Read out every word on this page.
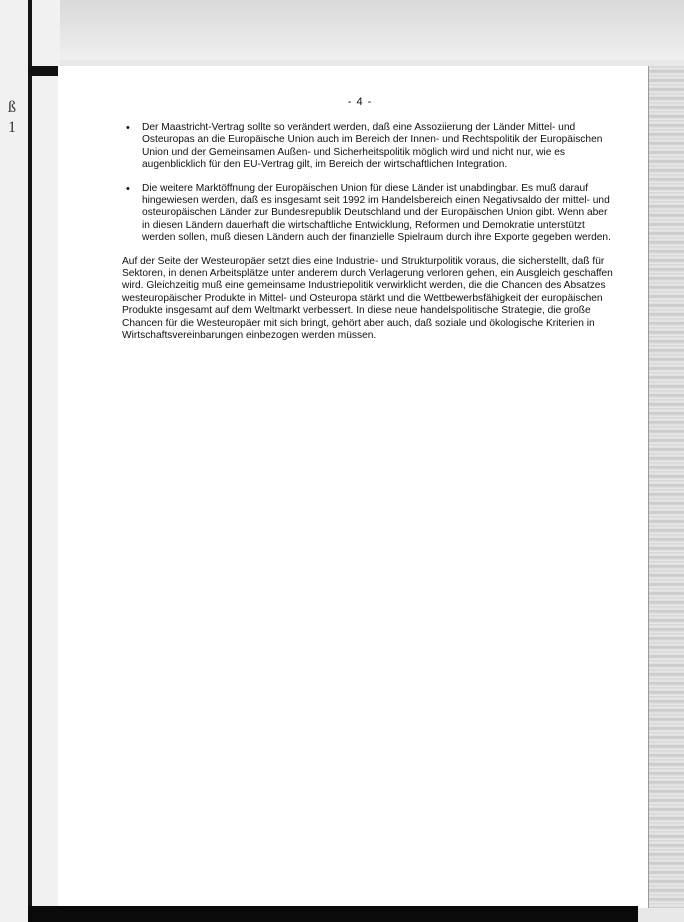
ß
1
- 4 -
• Der Maastricht-Vertrag sollte so verändert werden, daß eine Assoziierung der Länder Mittel- und Osteuropas an die Europäische Union auch im Bereich der Innen- und Rechtspolitik der Europäischen Union und der Gemeinsamen Außen- und Sicherheitspolitik möglich wird und nicht nur, wie es augenblicklich für den EU-Vertrag gilt, im Bereich der wirtschaftlichen Integration.
• Die weitere Marktöffnung der Europäischen Union für diese Länder ist unabdingbar. Es muß darauf hingewiesen werden, daß es insgesamt seit 1992 im Handelsbereich einen Negativsaldo der mittel- und osteuropäischen Länder zur Bundesrepublik Deutschland und der Europäischen Union gibt. Wenn aber in diesen Ländern dauerhaft die wirtschaftliche Entwicklung, Reformen und Demokratie unterstützt werden sollen, muß diesen Ländern auch der finanzielle Spielraum durch ihre Exporte gegeben werden.
Auf der Seite der Westeuropäer setzt dies eine Industrie- und Strukturpolitik voraus, die sicherstellt, daß für Sektoren, in denen Arbeitsplätze unter anderem durch Verlagerung verloren gehen, ein Ausgleich geschaffen wird. Gleichzeitig muß eine gemeinsame Industriepolitik verwirklicht werden, die die Chancen des Absatzes westeuropäischer Produkte in Mittel- und Osteuropa stärkt und die Wettbewerbsfähigkeit der europäischen Produkte insgesamt auf dem Weltmarkt verbessert. In diese neue handelspolitische Strategie, die große Chancen für die Westeuropäer mit sich bringt, gehört aber auch, daß soziale und ökologische Kriterien in Wirtschaftsvereinbarungen einbezogen werden müssen.
